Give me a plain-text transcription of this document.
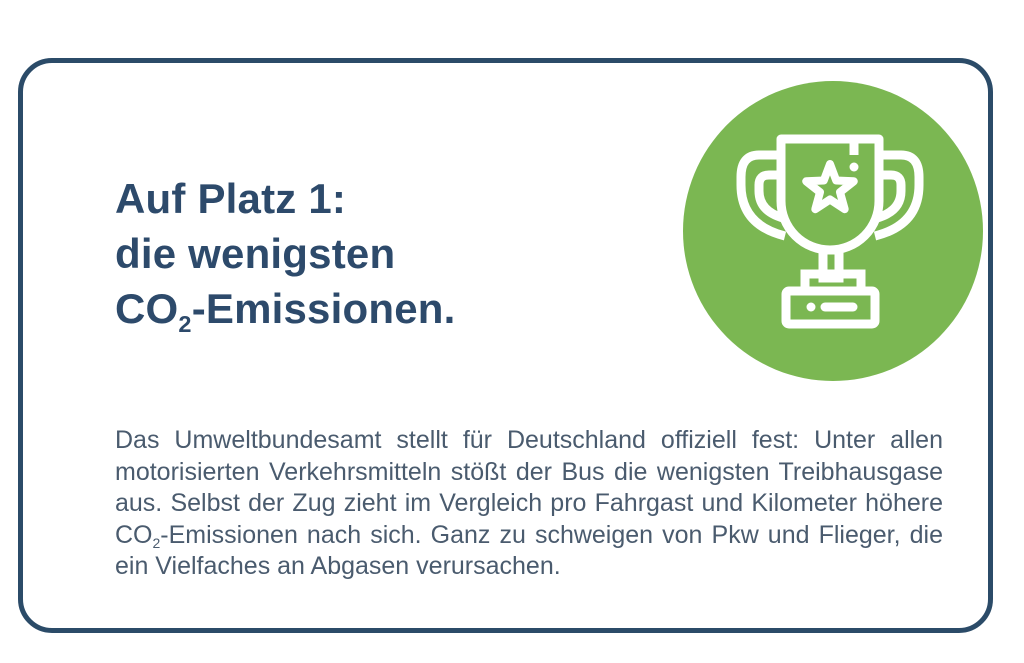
Auf Platz 1:
die wenigsten
$CO_2$-Emissionen.

Das Umweltbundesamt stellt für Deutschland offiziell fest: Unter allen motorisierten Verkehrsmitteln stößt der Bus die wenigsten Treibhausgase aus. Selbst der Zug zieht im Vergleich pro Fahrgast und Kilometer höhere $CO_2$-Emissionen nach sich. Ganz zu schweigen von Pkw und Flieger, die ein Vielfaches an Abgasen verursachen.
